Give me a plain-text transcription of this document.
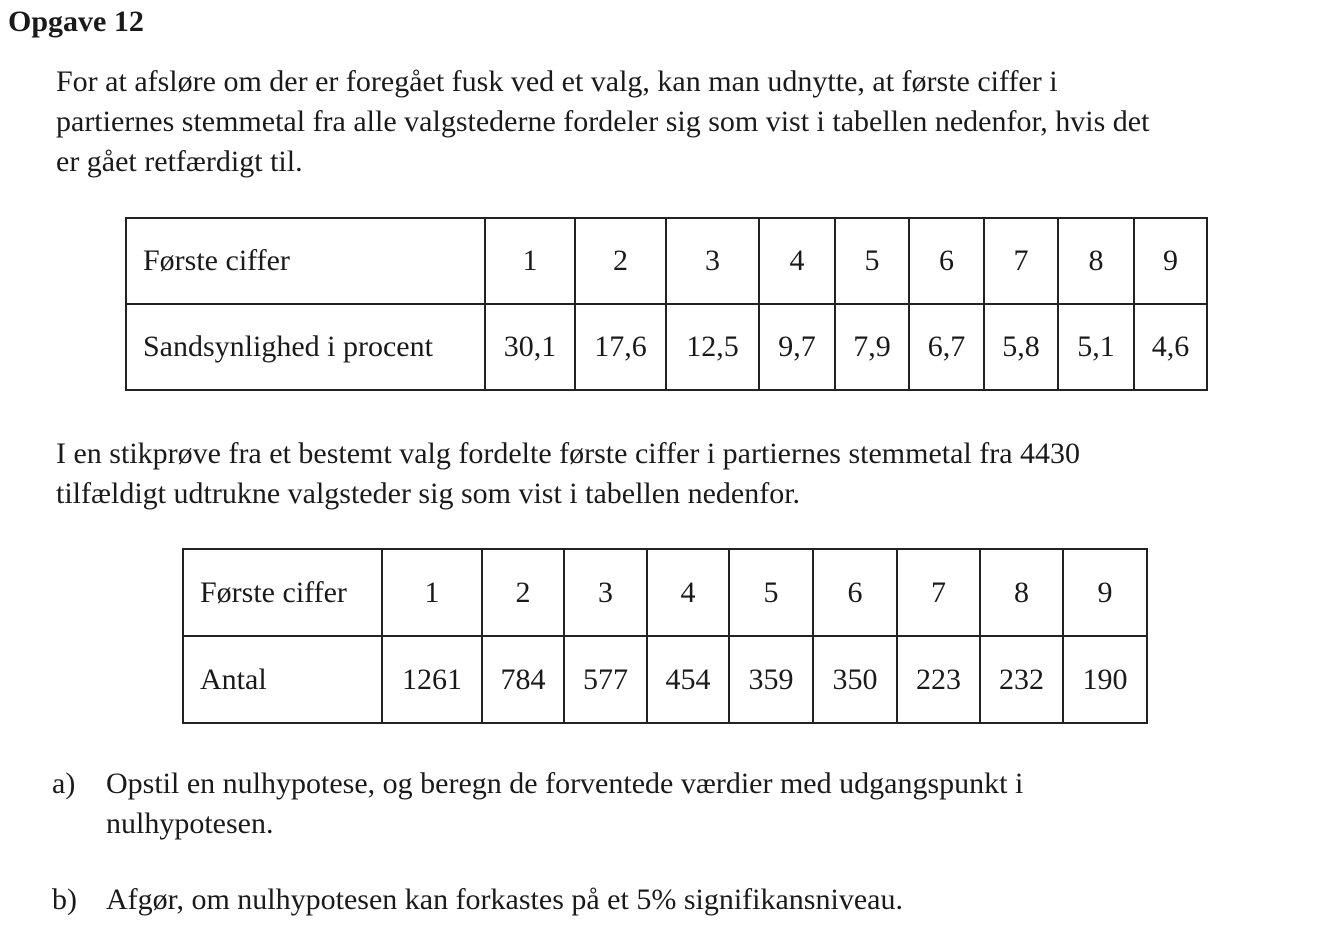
Opgave 12

For at afsløre om der er foregået fusk ved et valg, kan man udnytte, at første ciffer i
partiernes stemmetal fra alle valgstederne fordeler sig som vist i tabellen nedenfor, hvis det
er gået retfærdigt til.

Første ciffer	1	2	3	4	5	6	7	8	9
Sandsynlighed i procent	30,1	17,6	12,5	9,7	7,9	6,7	5,8	5,1	4,6

I en stikprøve fra et bestemt valg fordelte første ciffer i partiernes stemmetal fra 4430
tilfældigt udtrukne valgsteder sig som vist i tabellen nedenfor.

Første ciffer	1	2	3	4	5	6	7	8	9
Antal	1261	784	577	454	359	350	223	232	190
a)	Opstil en nulhypotese, og beregn de forventede værdier med udgangspunkt i
nulhypotesen.
b) Afgør, om nulhypotesen kan forkastes på et 5% signifikansniveau.
